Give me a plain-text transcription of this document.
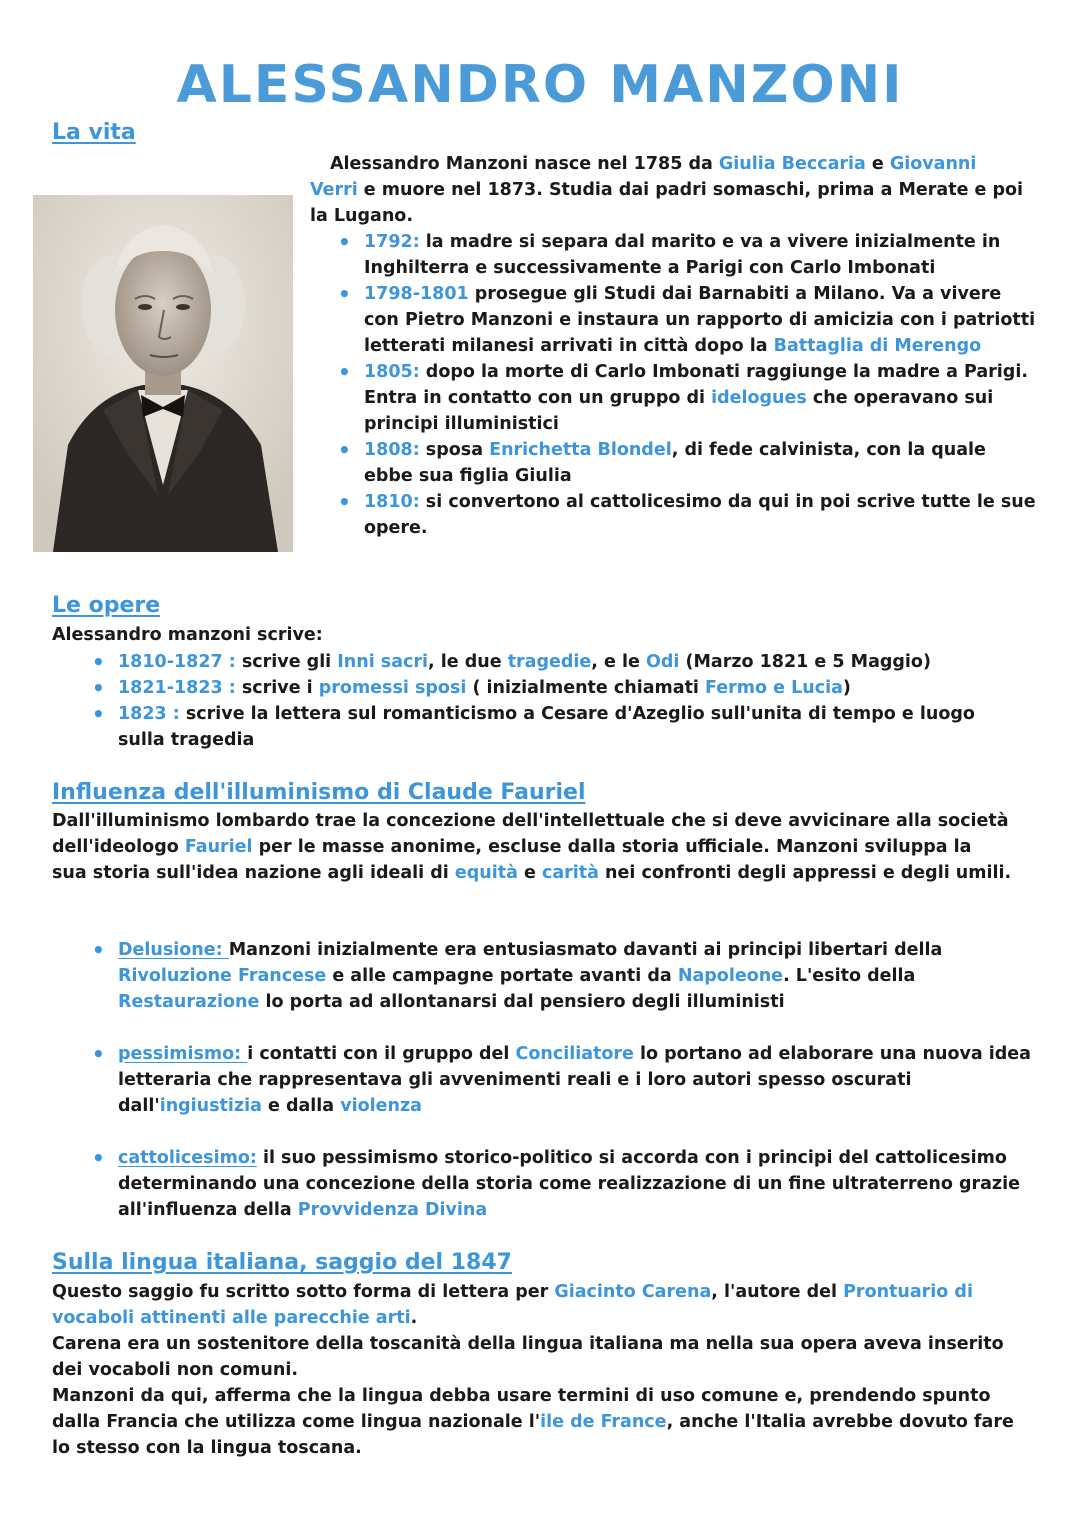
ALESSANDRO MANZONI
La vita

Alessandro Manzoni nasce nel 1785 da Giulia Beccaria e Giovanni Verri e muore nel 1873. Studia dai padri somaschi, prima a Merate e poi la Lugano.

• 1792: la madre si separa dal marito e va a vivere inizialmente in Inghilterra e successivamente a Parigi con Carlo Imbonati
• 1798-1801 prosegue gli Studi dai Barnabiti a Milano. Va a vivere con Pietro Manzoni e instaura un rapporto di amicizia con i patriotti letterati milanesi arrivati in città dopo la Battaglia di Merengo
• 1805: dopo la morte di Carlo Imbonati raggiunge la madre a Parigi. Entra in contatto con un gruppo di idelogues che operavano sui principi illuministici
• 1808: sposa Enrichetta Blondel, di fede calvinista, con la quale ebbe sua figlia Giulia
• 1810: si convertono al cattolicesimo da qui in poi scrive tutte le sue opere.
Le opere

Alessandro manzoni scrive:

• 1810-1827 : scrive gli Inni sacri, le due tragedie, e le Odi (Marzo 1821 e 5 Maggio)
• 1821-1823 : scrive i promessi sposi ( inizialmente chiamati Fermo e Lucia)
• 1823 : scrive la lettera sul romanticismo a Cesare d'Azeglio sull'unita di tempo e luogo sulla tragedia
Influenza dell'illuminismo di Claude Fauriel

Dall'illuminismo lombardo trae la concezione dell'intellettuale che si deve avvicinare alla società dell'ideologo Fauriel per le masse anonime, escluse dalla storia ufficiale. Manzoni sviluppa la sua storia sull'idea nazione agli ideali di equità e carità nei confronti degli appressi e degli umili.

• Delusione: Manzoni inizialmente era entusiasmato davanti ai principi libertari della Rivoluzione Francese e alle campagne portate avanti da Napoleone. L'esito della Restaurazione lo porta ad allontanarsi dal pensiero degli illuministi
• pessimismo: i contatti con il gruppo del Conciliatore lo portano ad elaborare una nuova idea letteraria che rappresentava gli avvenimenti reali e i loro autori spesso oscurati dall'ingiustizia e dalla violenza
• cattolicesimo: il suo pessimismo storico-politico si accorda con i principi del cattolicesimo determinando una concezione della storia come realizzazione di un fine ultraterreno grazie all'influenza della Provvidenza Divina
Sulla lingua italiana, saggio del 1847
Questo saggio fu scritto sotto forma di lettera per Giacinto Carena, l'autore del Prontuario di vocaboli attinenti alle parecchie arti.
Carena era un sostenitore della toscanità della lingua italiana ma nella sua opera aveva inserito dei vocaboli non comuni.
Manzoni da qui, afferma che la lingua debba usare termini di uso comune e, prendendo spunto dalla Francia che utilizza come lingua nazionale l'ile de France, anche l'Italia avrebbe dovuto fare lo stesso con la lingua toscana.
